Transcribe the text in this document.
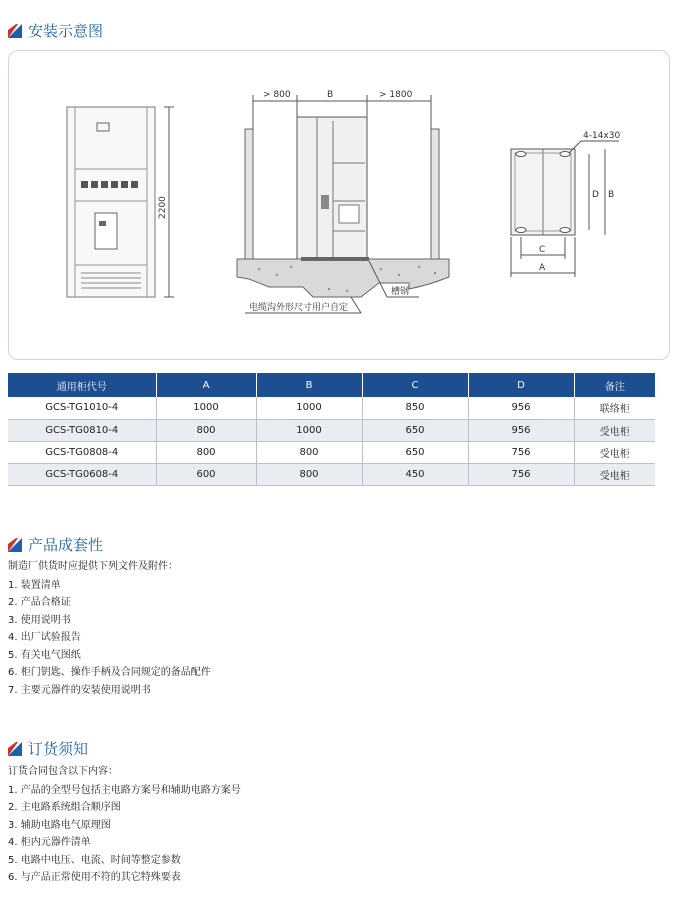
安装示意图
2200
> 800	B	> 1800
电缆沟外形尺寸用户自定
槽钢
4-14x30
D B
C
A
通用柜代号	A	B	C	D	备注
GCS-TG1010-4	1000	1000	850	956	联络柜
GCS-TG0810-4	800	1000	650	956	受电柜
GCS-TG0808-4	800	800	650	756	受电柜
GCS-TG0608-4	600	800	450	756	受电柜
产品成套性
制造厂供货时应提供下列文件及附件：
1. 装置清单
2. 产品合格证
3. 使用说明书
4. 出厂试验报告
5. 有关电气图纸
6. 柜门钥匙、操作手柄及合同规定的备品配件
7. 主要元器件的安装使用说明书
订货须知
订货合同包含以下内容：
1. 产品的全型号包括主电路方案号和辅助电路方案号
2. 主电路系统组合顺序图
3. 辅助电路电气原理图
4. 柜内元器件清单
5. 电路中电压、电流、时间等整定参数
6. 与产品正常使用不符的其它特殊要表
